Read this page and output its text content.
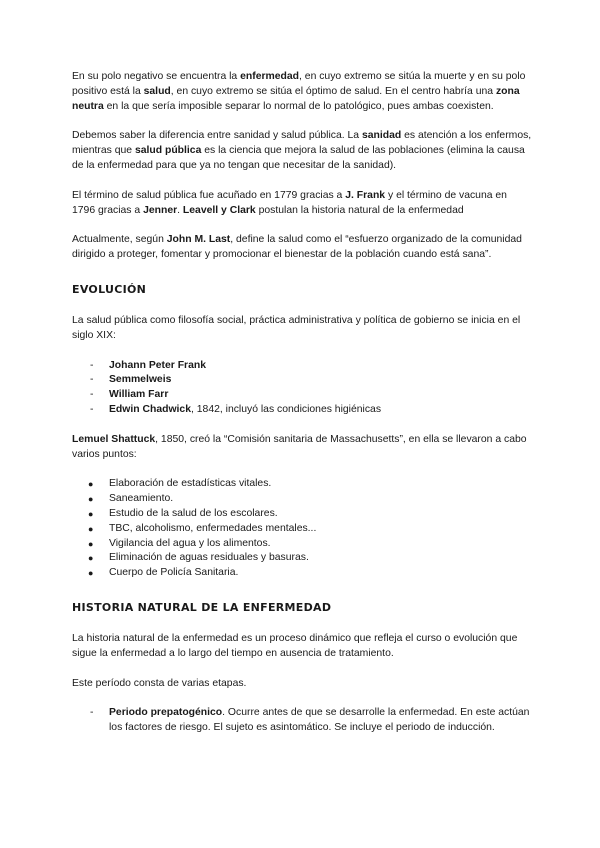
En su polo negativo se encuentra la enfermedad, en cuyo extremo se sitúa la muerte y en su polo positivo está la salud, en cuyo extremo se sitúa el óptimo de salud. En el centro habría una zona neutra en la que sería imposible separar lo normal de lo patológico, pues ambas coexisten.

Debemos saber la diferencia entre sanidad y salud pública. La sanidad es atención a los enfermos, mientras que salud pública es la ciencia que mejora la salud de las poblaciones (elimina la causa de la enfermedad para que ya no tengan que necesitar de la sanidad).

El término de salud pública fue acuñado en 1779 gracias a J. Frank y el término de vacuna en 1796 gracias a Jenner. Leavell y Clark postulan la historia natural de la enfermedad

Actualmente, según John M. Last, define la salud como el “esfuerzo organizado de la comunidad dirigido a proteger, fomentar y promocionar el bienestar de la población cuando está sana”.

EVOLUCIÓN

La salud pública como filosofía social, práctica administrativa y política de gobierno se inicia en el siglo XIX:

- Johann Peter Frank
- Semmelweis
- William Farr
- Edwin Chadwick, 1842, incluyó las condiciones higiénicas

Lemuel Shattuck, 1850, creó la “Comisión sanitaria de Massachusetts”, en ella se llevaron a cabo varios puntos:

● Elaboración de estadísticas vitales.
● Saneamiento.
● Estudio de la salud de los escolares.
● TBC, alcoholismo, enfermedades mentales...
● Vigilancia del agua y los alimentos.
● Eliminación de aguas residuales y basuras.
● Cuerpo de Policía Sanitaria.
HISTORIA NATURAL DE LA ENFERMEDAD

La historia natural de la enfermedad es un proceso dinámico que refleja el curso o evolución que sigue la enfermedad a lo largo del tiempo en ausencia de tratamiento.

Este período consta de varias etapas.

- Periodo prepatogénico. Ocurre antes de que se desarrolle la enfermedad. En este actúan los factores de riesgo. El sujeto es asintomático. Se incluye el periodo de inducción.
